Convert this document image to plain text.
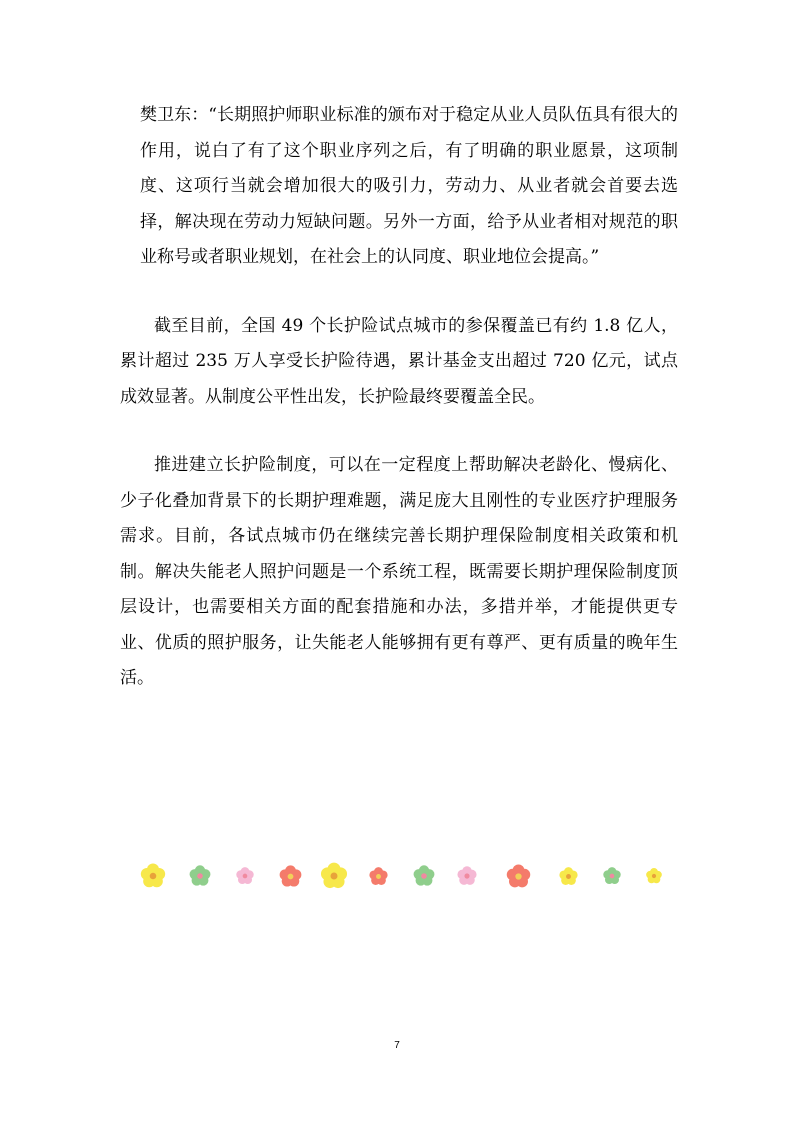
樊卫东：“长期照护师职业标准的颁布对于稳定从业人员队伍具有很大的作用，说白了有了这个职业序列之后，有了明确的职业愿景，这项制度、这项行当就会增加很大的吸引力，劳动力、从业者就会首要去选择，解决现在劳动力短缺问题。另外一方面，给予从业者相对规范的职业称号或者职业规划，在社会上的认同度、职业地位会提高。”

截至目前，全国 49 个长护险试点城市的参保覆盖已有约 1.8 亿人，累计超过 235 万人享受长护险待遇，累计基金支出超过 720 亿元，试点成效显著。从制度公平性出发，长护险最终要覆盖全民。

推进建立长护险制度，可以在一定程度上帮助解决老龄化、慢病化、少子化叠加背景下的长期护理难题，满足庞大且刚性的专业医疗护理服务需求。目前，各试点城市仍在继续完善长期护理保险制度相关政策和机制。解决失能老人照护问题是一个系统工程，既需要长期护理保险制度顶层设计，也需要相关方面的配套措施和办法，多措并举，才能提供更专业、优质的照护服务，让失能老人能够拥有更有尊严、更有质量的晚年生活。

7
